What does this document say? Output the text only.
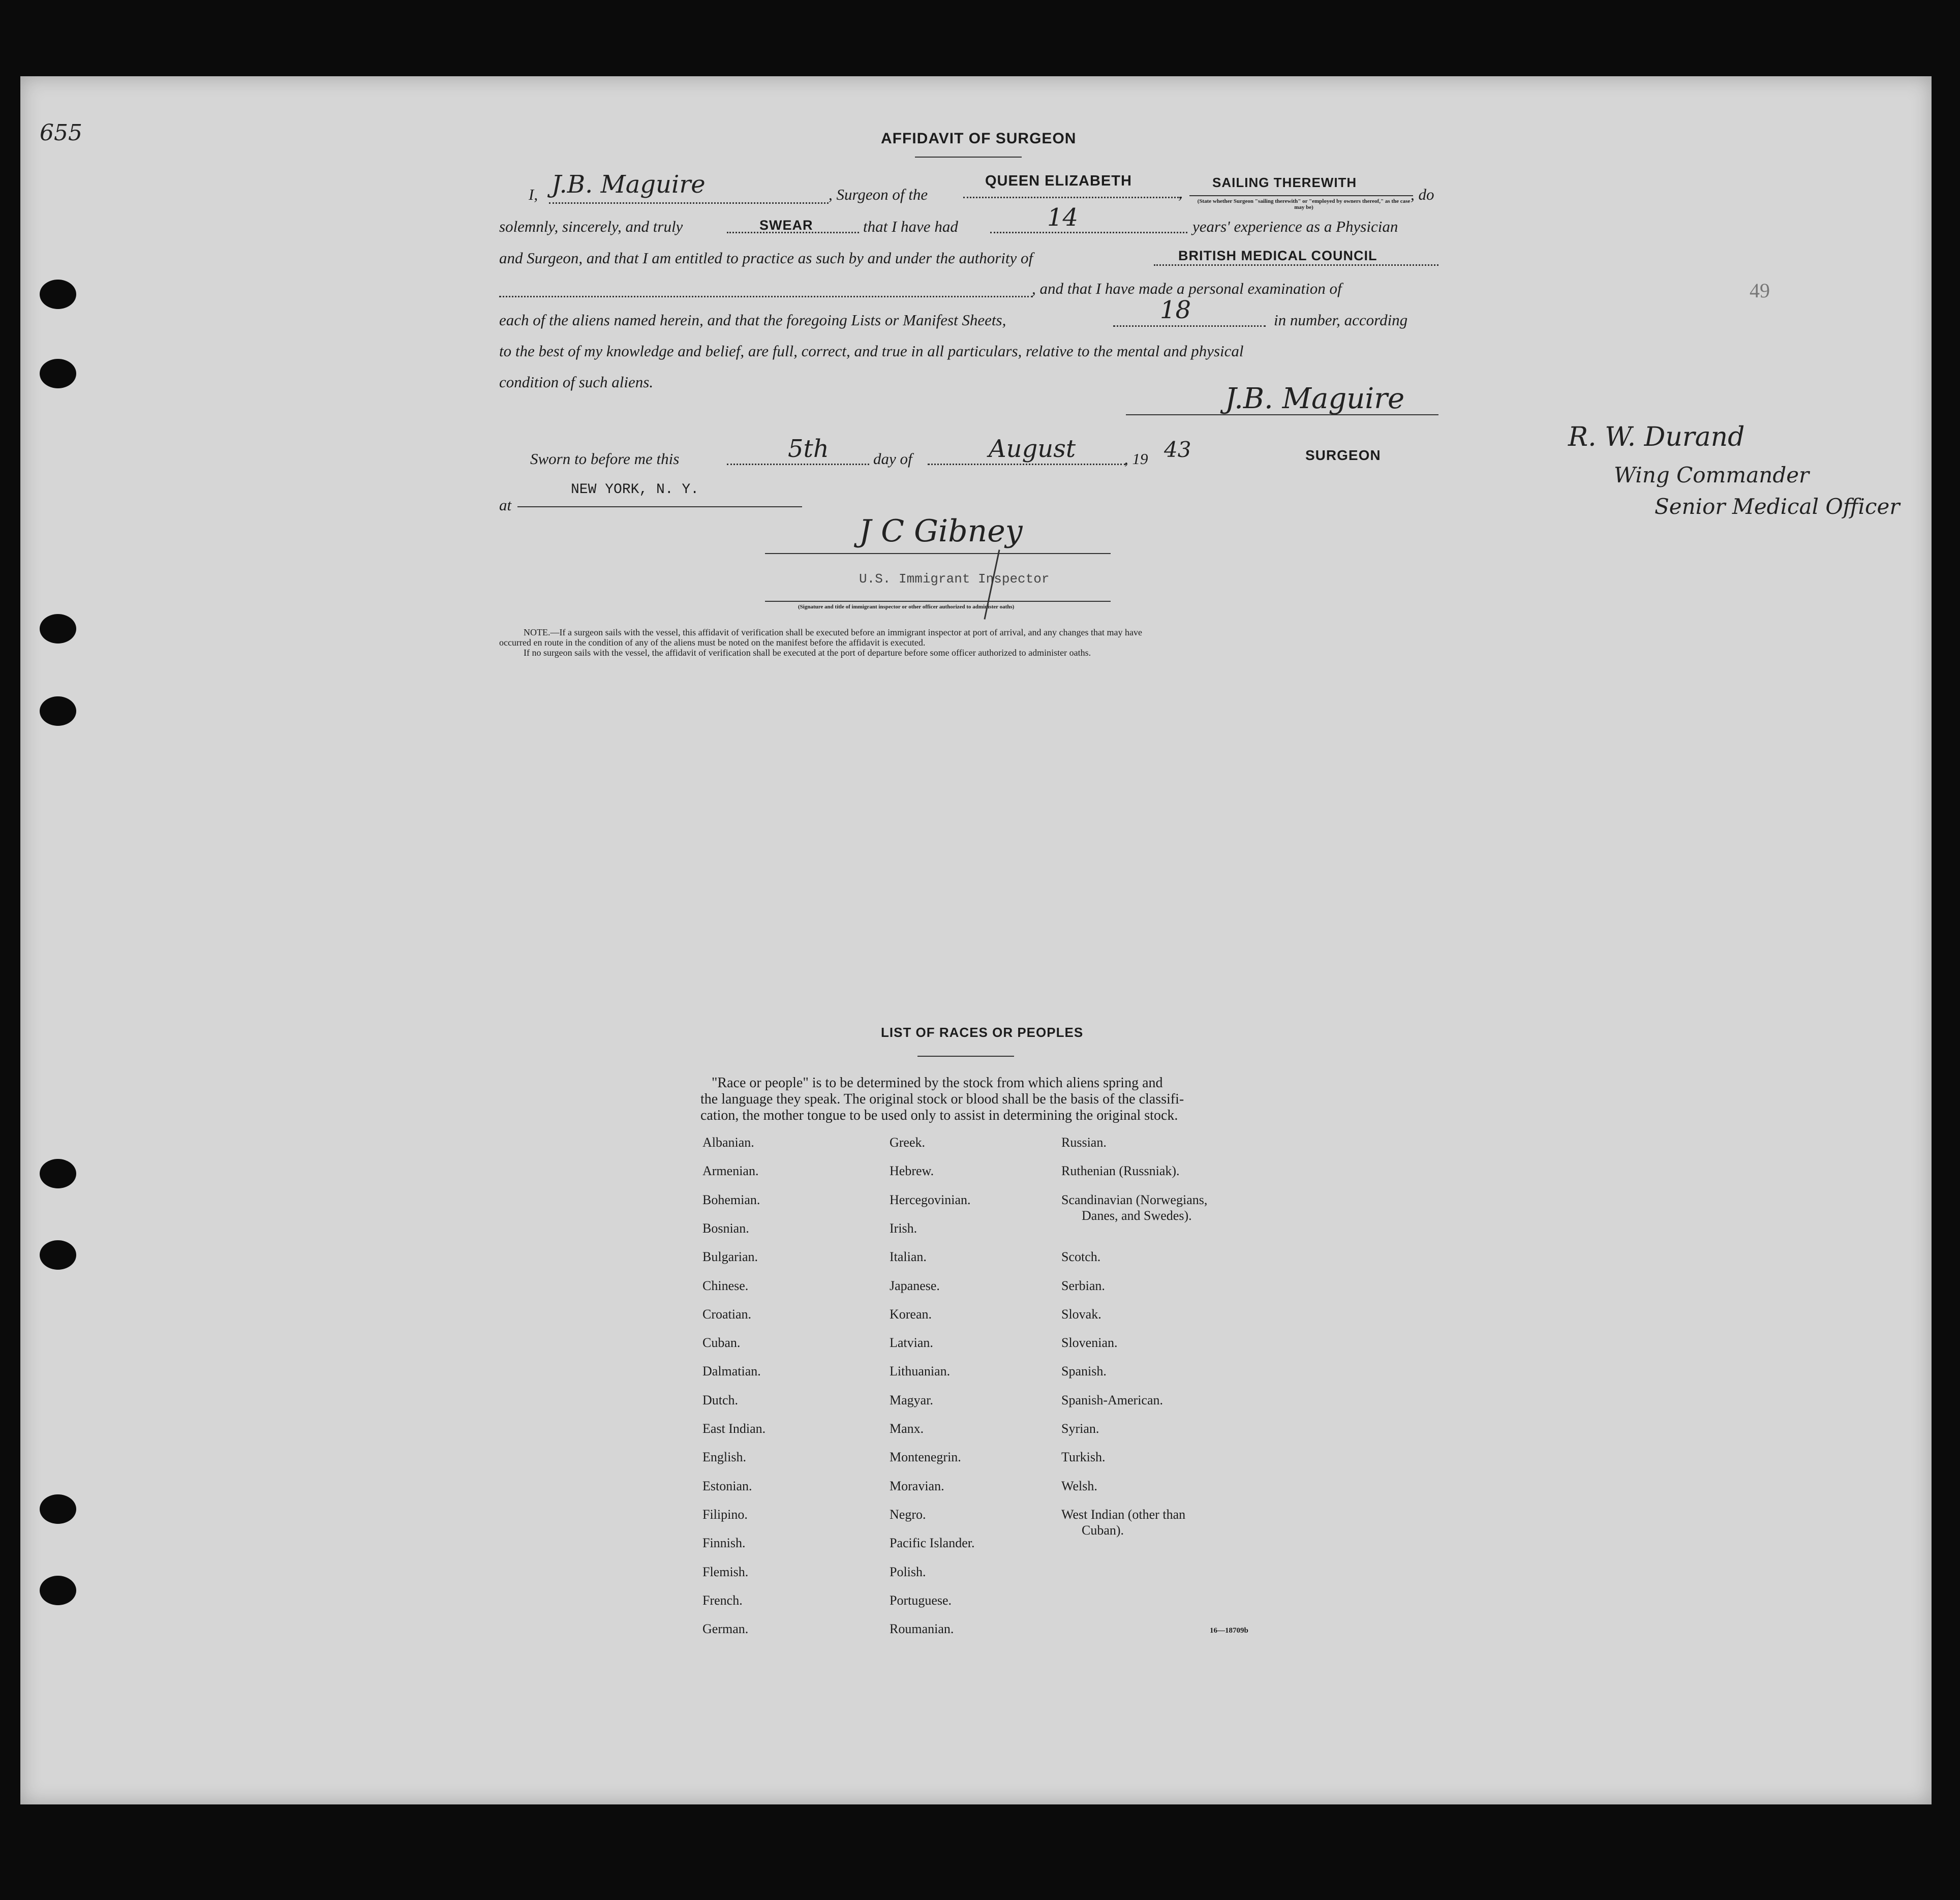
655
49
AFFIDAVIT OF SURGEON
I, J.B. Maguire	, Surgeon of the
QUEEN ELIZABETH
,
SAILING THEREWITH
(State whether Surgeon "sailing therewith" or "employed by owners thereof," as the case may be)
, do
solemnly, sincerely, and truly	SWEAR	that I have had	14	years' experience as a Physician
and Surgeon, and that I am entitled to practice as such by and under the authority of	BRITISH MEDICAL COUNCIL
, and that I have made a personal examination of
each of the aliens named herein, and that the foregoing Lists or Manifest Sheets,	18	in number, according
to the best of my knowledge and belief, are full, correct, and true in all particulars, relative to the mental and physical
condition of such aliens.
J.B. Maguire
SURGEON
Sworn to before me this	5th	day of	August	, 19 43
at
NEW YORK, N. Y.
J C Gibney
U.S. Immigrant Inspector
(Signature and title of immigrant inspector or other officer authorized to administer oaths)
NOTE.—If a surgeon sails with the vessel, this affidavit of verification shall be executed before an immigrant inspector at port of arrival, and any changes that may have
occurred en route in the condition of any of the aliens must be noted on the manifest before the affidavit is executed.
If no surgeon sails with the vessel, the affidavit of verification shall be executed at the port of departure before some officer authorized to administer oaths.
R. W. Durand
Wing Commander
Senior Medical Officer
LIST OF RACES OR PEOPLES
"Race or people" is to be determined by the stock from which aliens spring and
the language they speak. The original stock or blood shall be the basis of the classifi-
cation, the mother tongue to be used only to assist in determining the original stock.
Albanian.
Armenian.
Bohemian.
Bosnian.
Bulgarian.
Chinese.
Croatian.
Cuban.
Dalmatian.
Dutch.
East Indian.
English.
Estonian.
Filipino.
Finnish.
Flemish.
French.
German.
Greek.
Hebrew.
Hercegovinian.
Irish.
Italian.
Japanese.
Korean.
Latvian.
Lithuanian.
Magyar.
Manx.
Montenegrin.
Moravian.
Negro.
Pacific Islander.
Polish.
Portuguese.
Roumanian.
Russian.
Ruthenian (Russniak).
Scandinavian (Norwegians,
Danes, and Swedes).
Scotch.
Serbian.
Slovak.
Slovenian.
Spanish.
Spanish-American.
Syrian.
Turkish.
Welsh.
West Indian (other than
Cuban).
16—18709b
